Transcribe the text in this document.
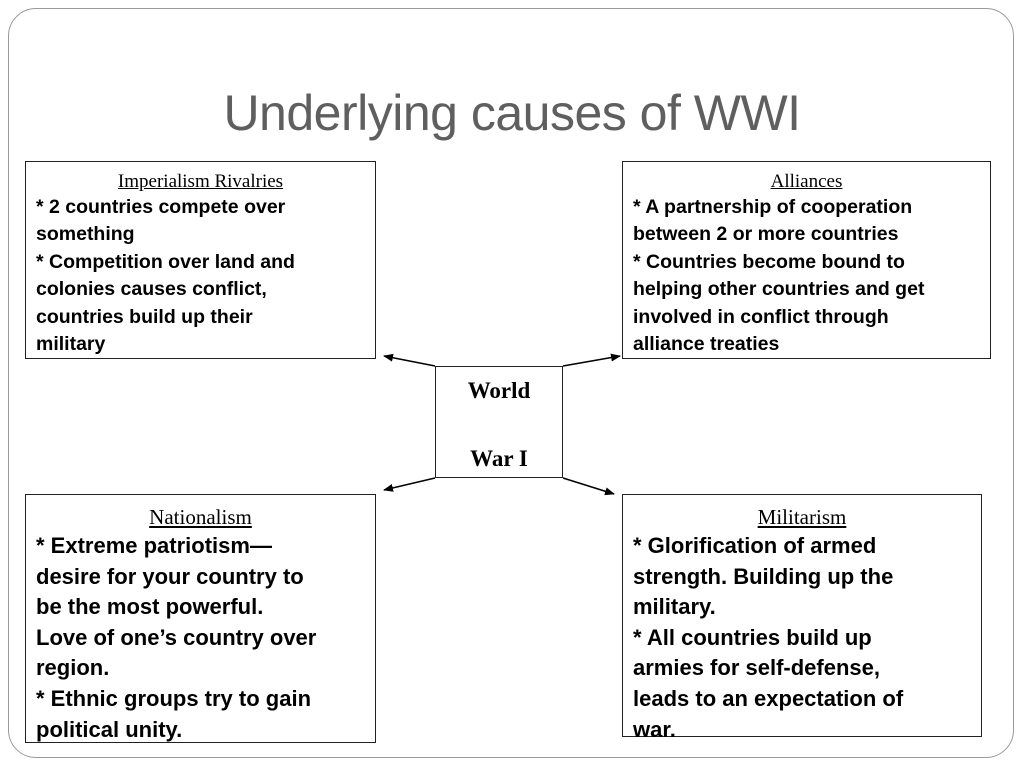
Underlying causes of WWI
Imperialism Rivalries
* 2 countries compete over
something
* Competition over land and
colonies causes conflict,
countries build up their
military
Alliances
* A partnership of cooperation
between 2 or more countries
* Countries become bound to
helping other countries and get
involved in conflict through
alliance treaties
World
War I
Nationalism
* Extreme patriotism—
desire for your country to
be the most powerful.
Love of one’s country over
region.
* Ethnic groups try to gain
political unity.
Militarism
* Glorification of armed
strength. Building up the
military.
* All countries build up
armies for self-defense,
leads to an expectation of
war.
